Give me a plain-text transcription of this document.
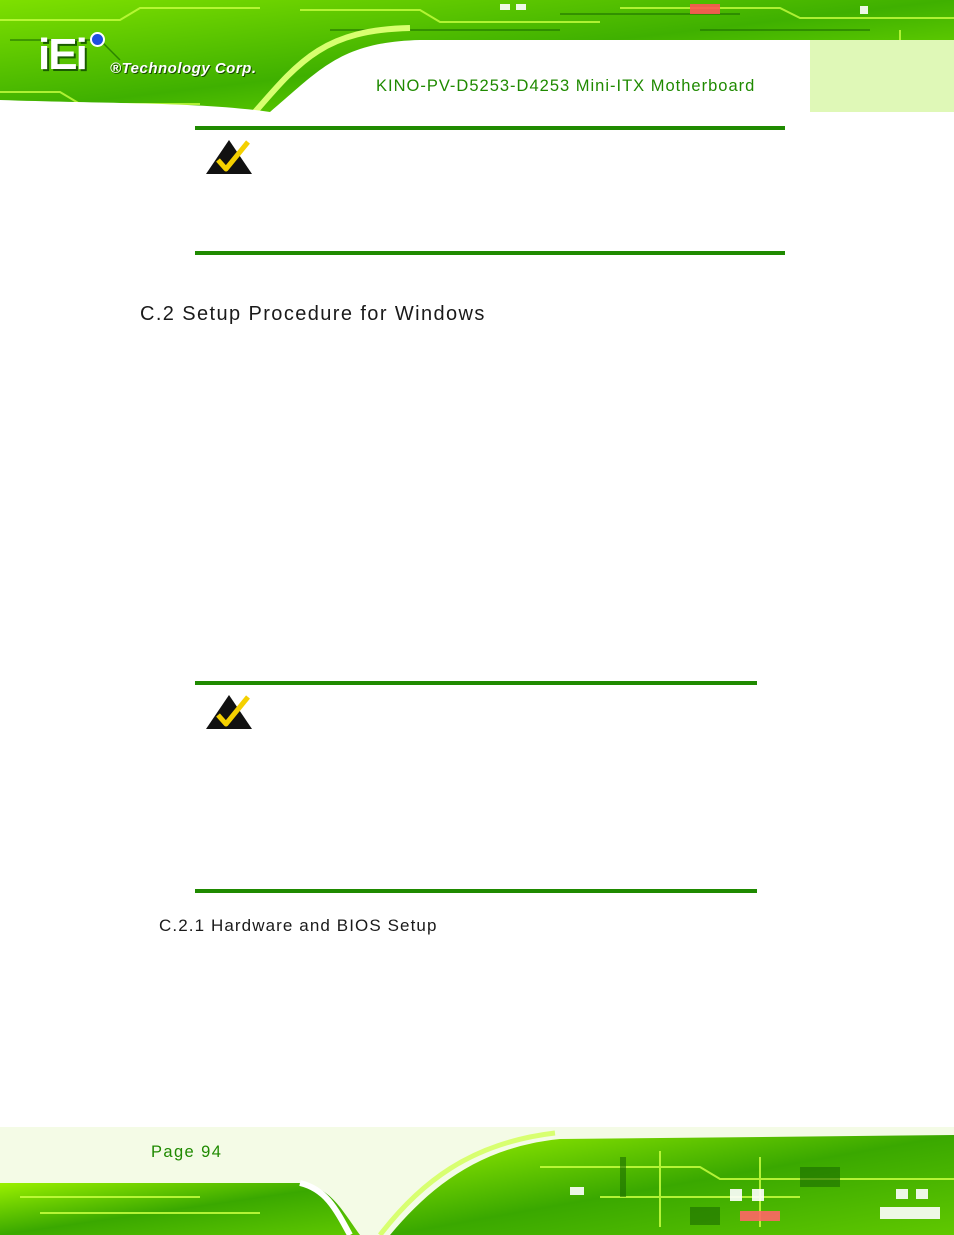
iEi ®Technology Corp.
KINO-PV-D5253-D4253 Mini-ITX Motherboard
C.2 Setup Procedure for Windows
C.2.1 Hardware and BIOS Setup
Page 94
